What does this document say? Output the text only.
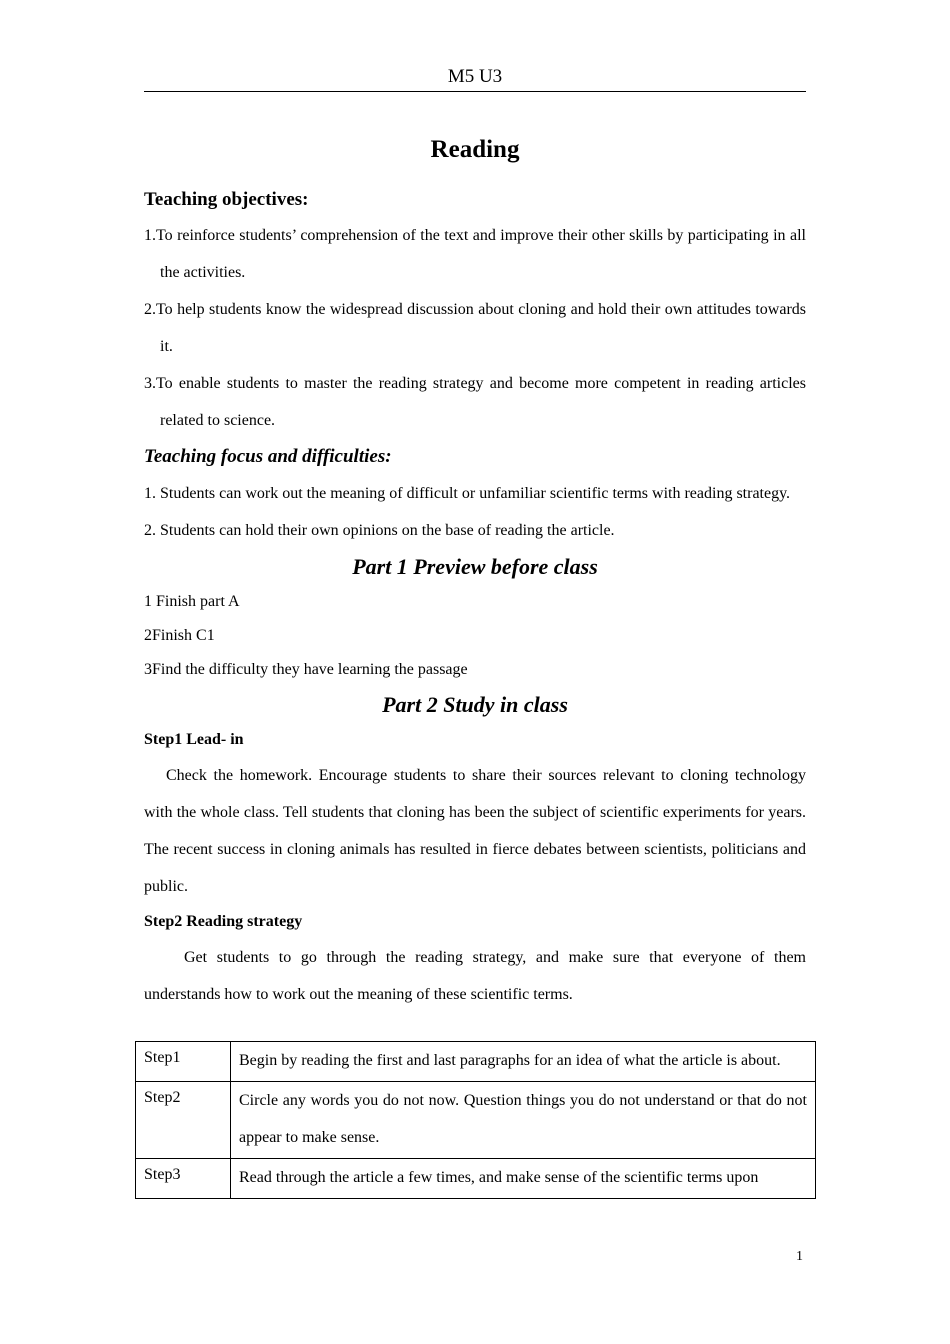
M5 U3
Reading
Teaching objectives:

1.To reinforce students’ comprehension of the text and improve their other skills by participating in all the activities.

2.To help students know the widespread discussion about cloning and hold their own attitudes towards it.

3.To enable students to master the reading strategy and become more competent in reading articles related to science.

Teaching focus and difficulties:

1. Students can work out the meaning of difficult or unfamiliar scientific terms with reading strategy.

2. Students can hold their own opinions on the base of reading the article.

Part 1 Preview before class

1 Finish part A

2Finish C1

3Find the difficulty they have learning the passage

Part 2 Study in class

Step1 Lead- in

Check the homework. Encourage students to share their sources relevant to cloning technology with the whole class. Tell students that cloning has been the subject of scientific experiments for years. The recent success in cloning animals has resulted in fierce debates between scientists, politicians and public.

Step2 Reading strategy

Get students to go through the reading strategy, and make sure that everyone of them understands how to work out the meaning of these scientific terms.

Step1	Begin by reading the first and last paragraphs for an idea of what the article is about.
Step2	Circle any words you do not now. Question things you do not understand or that do not appear to make sense.
Step3	Read through the article a few times, and make sense of the scientific terms upon
1
